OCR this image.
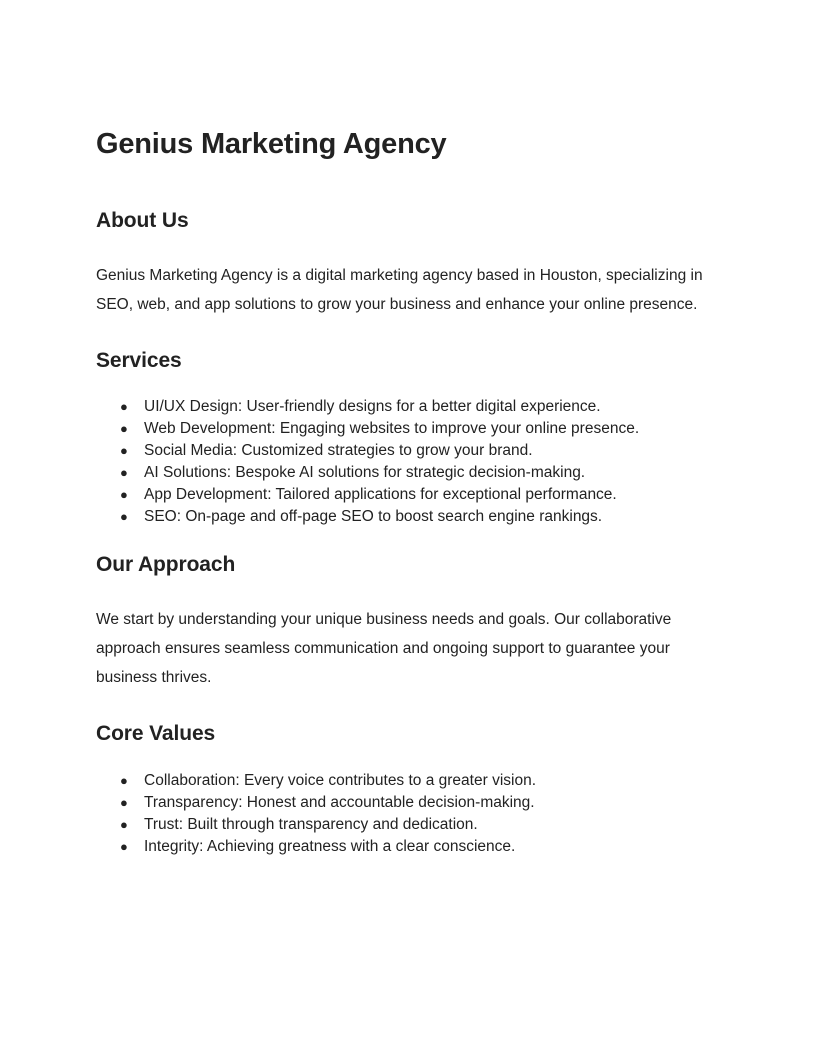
Genius Marketing Agency
About Us

Genius Marketing Agency is a digital marketing agency based in Houston, specializing in SEO, web, and app solutions to grow your business and enhance your online presence.

Services
● UI/UX Design: User-friendly designs for a better digital experience.
● Web Development: Engaging websites to improve your online presence.
● Social Media: Customized strategies to grow your brand.
● AI Solutions: Bespoke AI solutions for strategic decision-making.
● App Development: Tailored applications for exceptional performance.
● SEO: On-page and off-page SEO to boost search engine rankings.
Our Approach

We start by understanding your unique business needs and goals. Our collaborative approach ensures seamless communication and ongoing support to guarantee your business thrives.

Core Values
● Collaboration: Every voice contributes to a greater vision.
● Transparency: Honest and accountable decision-making.
● Trust: Built through transparency and dedication.
● Integrity: Achieving greatness with a clear conscience.
